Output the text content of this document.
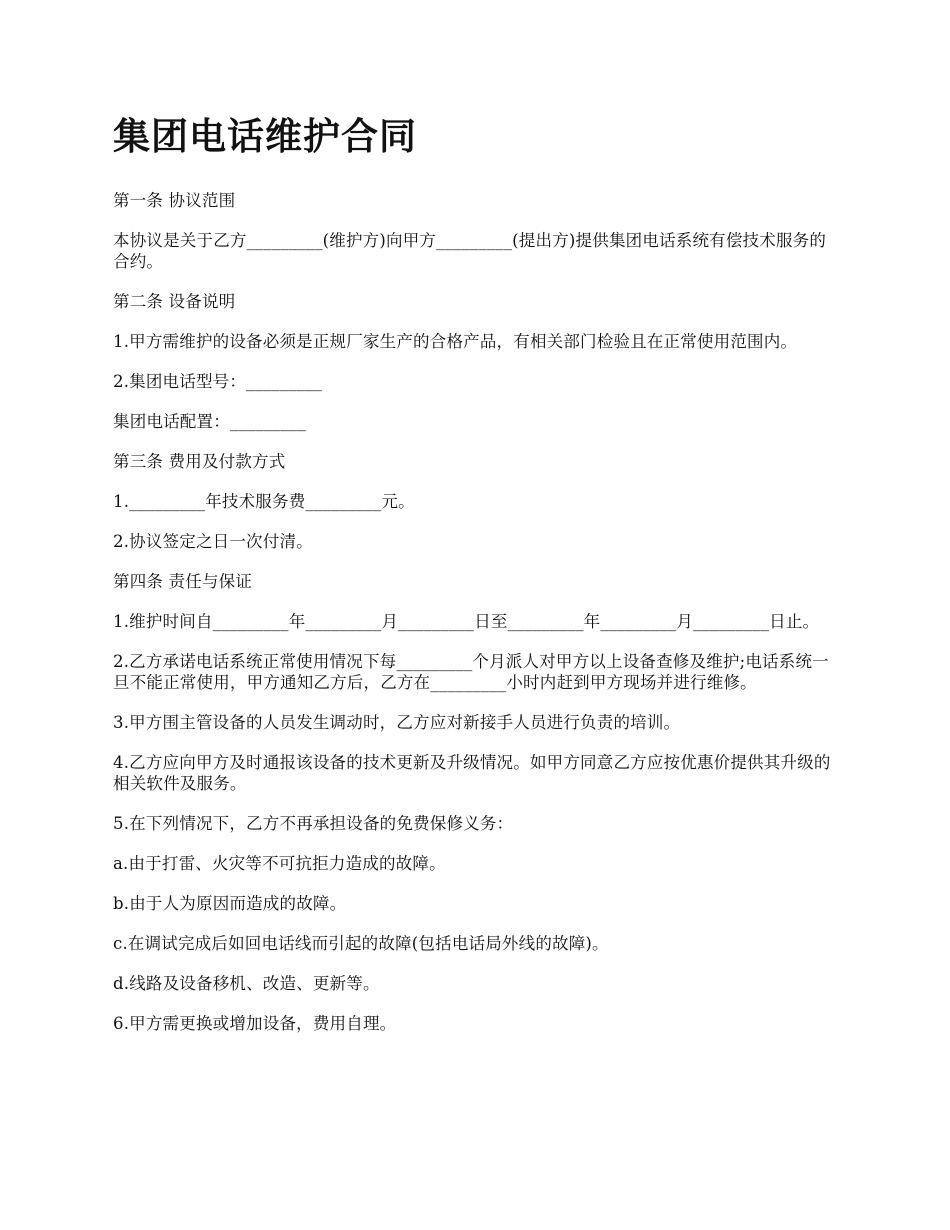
集团电话维护合同

第一条 协议范围

本协议是关于乙方_________(维护方)向甲方_________(提出方)提供集团电话系统有偿技术服务的合约。

第二条 设备说明

1.甲方需维护的设备必须是正规厂家生产的合格产品，有相关部门检验且在正常使用范围内。

2.集团电话型号：_________

集团电话配置：_________

第三条 费用及付款方式

1._________年技术服务费_________元。

2.协议签定之日一次付清。

第四条 责任与保证

1.维护时间自_________年_________月_________日至_________年_________月_________日止。

2.乙方承诺电话系统正常使用情况下每_________个月派人对甲方以上设备查修及维护;电话系统一旦不能正常使用，甲方通知乙方后，乙方在_________小时内赶到甲方现场并进行维修。

3.甲方围主管设备的人员发生调动时，乙方应对新接手人员进行负责的培训。

4.乙方应向甲方及时通报该设备的技术更新及升级情况。如甲方同意乙方应按优惠价提供其升级的相关软件及服务。

5.在下列情况下，乙方不再承担设备的免费保修义务：

a.由于打雷、火灾等不可抗拒力造成的故障。

b.由于人为原因而造成的故障。

c.在调试完成后如回电话线而引起的故障(包括电话局外线的故障)。

d.线路及设备移机、改造、更新等。

6.甲方需更换或增加设备，费用自理。
